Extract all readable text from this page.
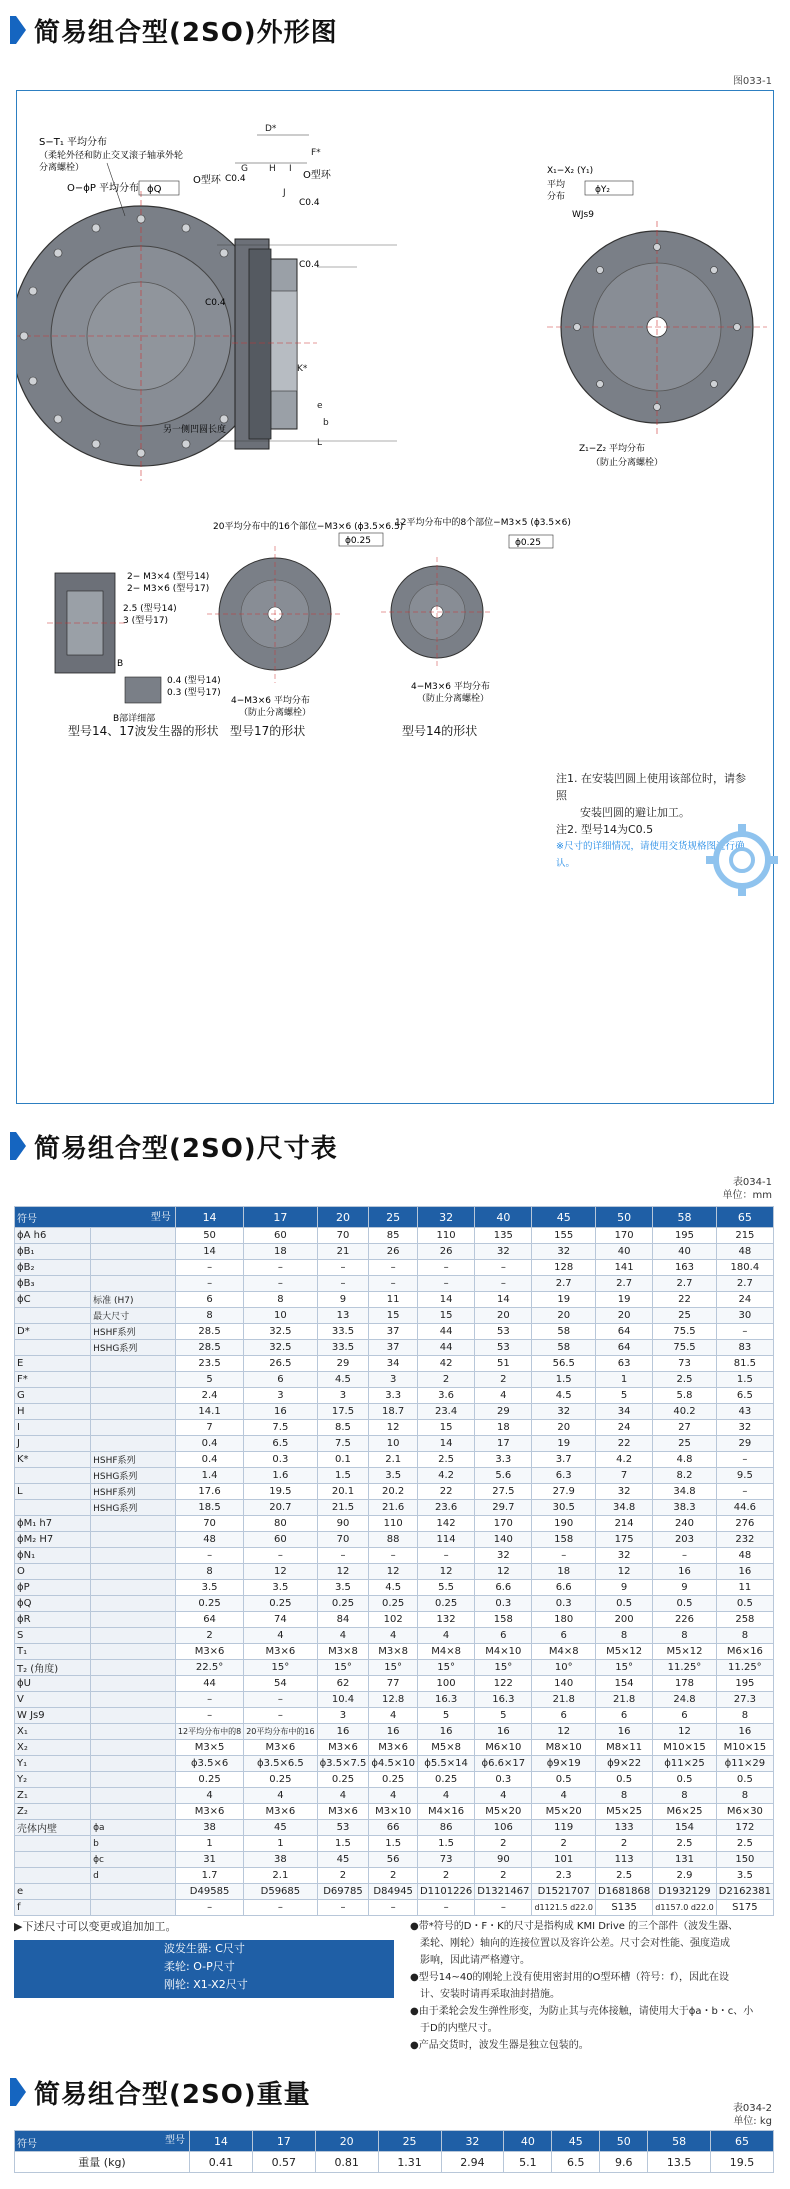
简易组合型(2SO)外形图
图033-1
S−T₁ 平均分布
（柔轮外径和防止交叉滚子轴承外轮
分离螺栓）
O−ϕP 平均分布 ϕQ
O型环	O型环
C0.4
C0.4
C0.4
C0.4
另一侧凹圆长度
D*
F*
G H I
J
K*
e
b
L
X₁−X₂ (Y₁)
平均
分布
ϕY₂
WJs9
Z₁−Z₂ 平均分布
（防止分离螺栓）
2− M3×4 (型号14)
2− M3×6 (型号17)
2.5 (型号14)
3 (型号17)
B
0.4 (型号14)
0.3 (型号17)
B部详细部
20平均分布中的16个部位−M3×6 (ϕ3.5×6.5)
ϕ0.25
4−M3×6 平均分布
（防止分离螺栓）
12平均分布中的8个部位−M3×5 (ϕ3.5×6)
ϕ0.25
4−M3×6 平均分布
（防止分离螺栓）
型号14、17波发生器的形状 型号17的形状	型号14的形状
注1. 在安装凹圆上使用该部位时，请参照
安装凹圆的避让加工。
注2. 型号14为C0.5
※尺寸的详细情况，请使用交货规格图进行确认。
简易组合型(2SO)尺寸表
表034-1
单位：mm
符号 型号		14	17	20	25	32	40	45	50	58	65
ϕA h6		50	60	70	85	110	135	155	170	195	215
ϕB₁		14	18	21	26	26	32	32	40	40	48
ϕB₂		–	–	–	–	–	–	128	141	163	180.4
ϕB₃		–	–	–	–	–	–	2.7	2.7	2.7	2.7
ϕC	标准 (H7)	6	8	9	11	14	14	19	19	22	24
	最大尺寸	8	10	13	15	15	20	20	20	25	30
D*	HSHF系列	28.5	32.5	33.5	37	44	53	58	64	75.5	–
	HSHG系列	28.5	32.5	33.5	37	44	53	58	64	75.5	83
E		23.5	26.5	29	34	42	51	56.5	63	73	81.5
F*		5	6	4.5	3	2	2	1.5	1	2.5	1.5
G		2.4	3	3	3.3	3.6	4	4.5	5	5.8	6.5
H		14.1	16	17.5	18.7	23.4	29	32	34	40.2	43
I		7	7.5	8.5	12	15	18	20	24	27	32
J		0.4	6.5	7.5	10	14	17	19	22	25	29
K*	HSHF系列	0.4	0.3	0.1	2.1	2.5	3.3	3.7	4.2	4.8	–
	HSHG系列	1.4	1.6	1.5	3.5	4.2	5.6	6.3	7	8.2	9.5
L	HSHF系列	17.6	19.5	20.1	20.2	22	27.5	27.9	32	34.8	–
	HSHG系列	18.5	20.7	21.5	21.6	23.6	29.7	30.5	34.8	38.3	44.6
ϕM₁ h7		70	80	90	110	142	170	190	214	240	276
ϕM₂ H7		48	60	70	88	114	140	158	175	203	232
ϕN₁		–	–	–	–	–	32	–	32	–	48
O		8	12	12	12	12	12	18	12	16	16
ϕP		3.5	3.5	3.5	4.5	5.5	6.6	6.6	9	9	11
ϕQ		0.25	0.25	0.25	0.25	0.25	0.3	0.3	0.5	0.5	0.5
ϕR		64	74	84	102	132	158	180	200	226	258
S		2	4	4	4	4	6	6	8	8	8
T₁		M3×6	M3×6	M3×8	M3×8	M4×8	M4×10	M4×8	M5×12	M5×12	M6×16
T₂ (角度)		22.5°	15°	15°	15°	15°	15°	10°	15°	11.25°	11.25°
ϕU		44	54	62	77	100	122	140	154	178	195
V		–	–	10.4	12.8	16.3	16.3	21.8	21.8	24.8	27.3
W Js9		–	–	3	4	5	5	6	6	6	8
X₁		12平均分布中的8	20平均分布中的16	16	16	16	16	12	16	12	16
X₂		M3×5	M3×6	M3×6	M3×6	M5×8	M6×10	M8×10	M8×11	M10×15	M10×15
Y₁		ϕ3.5×6	ϕ3.5×6.5	ϕ3.5×7.5	ϕ4.5×10	ϕ5.5×14	ϕ6.6×17	ϕ9×19	ϕ9×22	ϕ11×25	ϕ11×29
Y₂		0.25	0.25	0.25	0.25	0.25	0.3	0.5	0.5	0.5	0.5
Z₁		4	4	4	4	4	4	4	8	8	8
Z₂		M3×6	M3×6	M3×6	M3×10	M4×16	M5×20	M5×20	M5×25	M6×25	M6×30
壳体内壁	ϕa	38	45	53	66	86	106	119	133	154	172
	b	1	1	1.5	1.5	1.5	2	2	2	2.5	2.5
	ϕc	31	38	45	56	73	90	101	113	131	150
	d	1.7	2.1	2	2	2	2	2.3	2.5	2.9	3.5
e		D49585	D59685	D69785	D84945	D1101226	D1321467	D1521707	D1681868	D1932129	D2162381
f		–	–	–	–	–	–	d1121.5 d22.0	S135	d1157.0 d22.0	S175
▶下述尺寸可以变更或追加加工。
波发生器: C尺寸
柔轮: O-P尺寸
刚轮: X1-X2尺寸
●带*符号的D・F・K的尺寸是指构成 KMI Drive 的三个部件（波发生器、
柔轮、刚轮）轴向的连接位置以及容许公差。尺寸会对性能、强度造成
影响，因此请严格遵守。
●型号14~40的刚轮上没有使用密封用的O型环槽（符号：f），因此在设
计、安装时请再采取油封措施。
●由于柔轮会发生弹性形变，为防止其与壳体接触，请使用大于ϕa・b・c、小
于D的内壁尺寸。
●产品交货时，波发生器是独立包装的。
简易组合型(2SO)重量	表034-2
单位: kg
符号 型号	14	17	20	25	32	40	45	50	58	65
重量 (kg)	0.41	0.57	0.81	1.31	2.94	5.1	6.5	9.6	13.5	19.5
